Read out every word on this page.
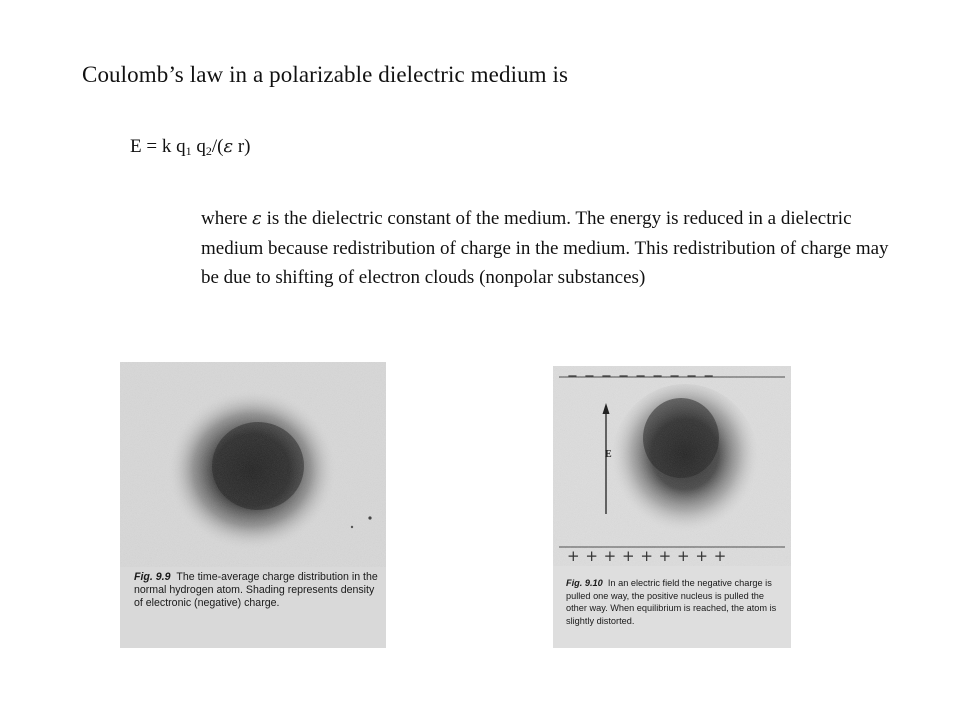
Coulomb’s law in a polarizable dielectric medium is
E = k $q_1$ $q_2/(\varepsilon$ r)
where ε is the dielectric constant of the medium. The energy is reduced in a dielectric medium because redistribution of charge in the medium. This redistribution of charge may be due to shifting of electron clouds (nonpolar substances)
Fig. 9.9 The time-average charge distribution in the normal hydrogen atom. Shading represents density of electronic (negative) charge.
E
− − − − − − − − −
+ + + + + + + + +
Fig. 9.10 In an electric field the negative charge is pulled one way, the positive nucleus is pulled the other way. When equilibrium is reached, the atom is slightly distorted.
